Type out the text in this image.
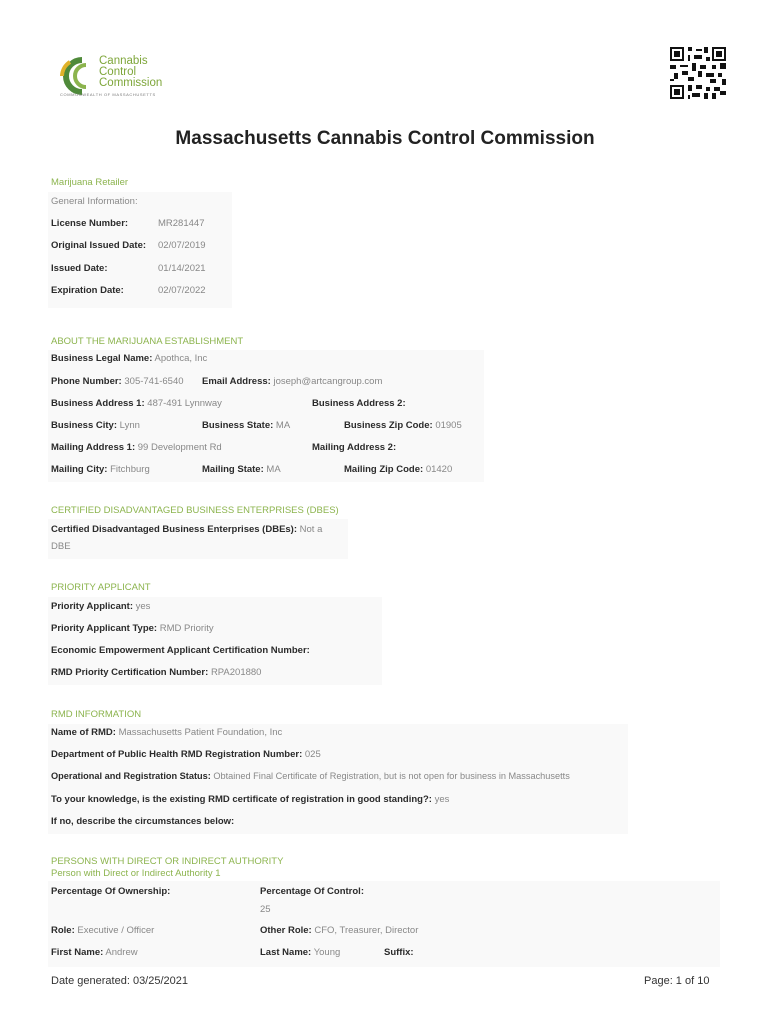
Cannabis
Control
Commission
COMMONWEALTH OF MASSACHUSETTS
Massachusetts Cannabis Control Commission
Marijuana Retailer
General Information:
License Number:	MR281447
Original Issued Date: 02/07/2019
Issued Date:	01/14/2021
Expiration Date:	02/07/2022
ABOUT THE MARIJUANA ESTABLISHMENT
Business Legal Name: Apothca, Inc
Phone Number: 305-741-6540 Email Address: joseph@artcangroup.com
Business Address 1: 487-491 Lynnway	Business Address 2:
Business City: Lynn	Business State: MA	Business Zip Code: 01905
Mailing Address 1: 99 Development Rd	Mailing Address 2:
Mailing City: Fitchburg	Mailing State: MA	Mailing Zip Code: 01420
CERTIFIED DISADVANTAGED BUSINESS ENTERPRISES (DBES)
Certified Disadvantaged Business Enterprises (DBEs): Not a
DBE
PRIORITY APPLICANT
Priority Applicant: yes
Priority Applicant Type: RMD Priority
Economic Empowerment Applicant Certification Number:
RMD Priority Certification Number: RPA201880
RMD INFORMATION
Name of RMD: Massachusetts Patient Foundation, Inc
Department of Public Health RMD Registration Number: 025
Operational and Registration Status: Obtained Final Certificate of Registration, but is not open for business in Massachusetts
To your knowledge, is the existing RMD certificate of registration in good standing?: yes
If no, describe the circumstances below:
PERSONS WITH DIRECT OR INDIRECT AUTHORITY
Person with Direct or Indirect Authority 1
Percentage Of Ownership:	Percentage Of Control:
25
Role: Executive / Officer	Other Role: CFO, Treasurer, Director
First Name: Andrew	Last Name: Young	Suffix:
Date generated: 03/25/2021	Page: 1 of 10
